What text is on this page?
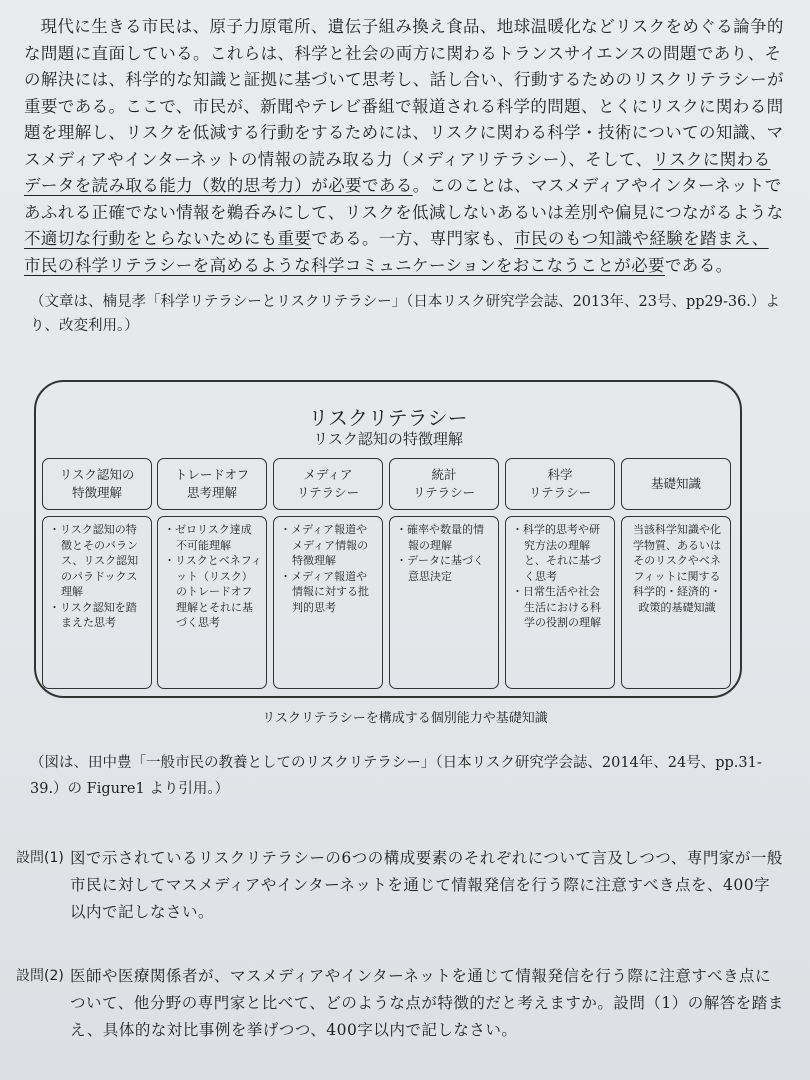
現代に生きる市民は、原子力原電所、遺伝子組み換え食品、地球温暖化などリスクをめぐる論争的な問題に直面している。これらは、科学と社会の両方に関わるトランスサイエンスの問題であり、その解決には、科学的な知識と証拠に基づいて思考し、話し合い、行動するためのリスクリテラシーが重要である。ここで、市民が、新聞やテレビ番組で報道される科学的問題、とくにリスクに関わる問題を理解し、リスクを低減する行動をするためには、リスクに関わる科学・技術についての知識、マスメディアやインターネットの情報の読み取る力（メディアリテラシー）、そして、リスクに関わるデータを読み取る能力（数的思考力）が必要である。このことは、マスメディアやインターネットであふれる正確でない情報を鵜呑みにして、リスクを低減しないあるいは差別や偏見につながるような不適切な行動をとらないためにも重要である。一方、専門家も、市民のもつ知識や経験を踏まえ、市民の科学リテラシーを高めるような科学コミュニケーションをおこなうことが必要である。

（文章は、楠見孝「科学リテラシーとリスクリテラシー」（日本リスク研究学会誌、2013年、23号、pp29-36.）より、改変利用。）

リスクリテラシー
リスク認知の特徴理解
リスク認知の
特徴理解
・ リスク認知の特徴とそのバランス、リスク認知のパラドックス理解
・ リスク認知を踏まえた思考
トレードオフ
思考理解
・ ゼロリスク達成不可能理解
・ リスクとベネフィット（リスク）のトレードオフ理解とそれに基づく思考
メディア
リテラシー
・ メディア報道やメディア情報の特徴理解
・ メディア報道や情報に対する批判的思考
統計
リテラシー
・ 確率や数量的情報の理解
・ データに基づく意思決定
科学
リテラシー
・ 科学的思考や研究方法の理解と、それに基づく思考
・ 日常生活や社会生活における科学の役割の理解
基礎知識

当該科学知識や化学物質、あるいはそのリスクやベネフィットに関する科学的・経済的・政策的基礎知識

リスクリテラシーを構成する個別能力や基礎知識

（図は、田中豊「一般市民の教養としてのリスクリテラシー」（日本リスク研究学会誌、2014年、24号、pp.31-39.）の Figure1 より引用。）

設問(1) 図で示されているリスクリテラシーの6つの構成要素のそれぞれについて言及しつつ、専門家が一般市民に対してマスメディアやインターネットを通じて情報発信を行う際に注意すべき点を、400字以内で記しなさい。
設問(2) 医師や医療関係者が、マスメディアやインターネットを通じて情報発信を行う際に注意すべき点について、他分野の専門家と比べて、どのような点が特徴的だと考えますか。設問（1）の解答を踏まえ、具体的な対比事例を挙げつつ、400字以内で記しなさい。
